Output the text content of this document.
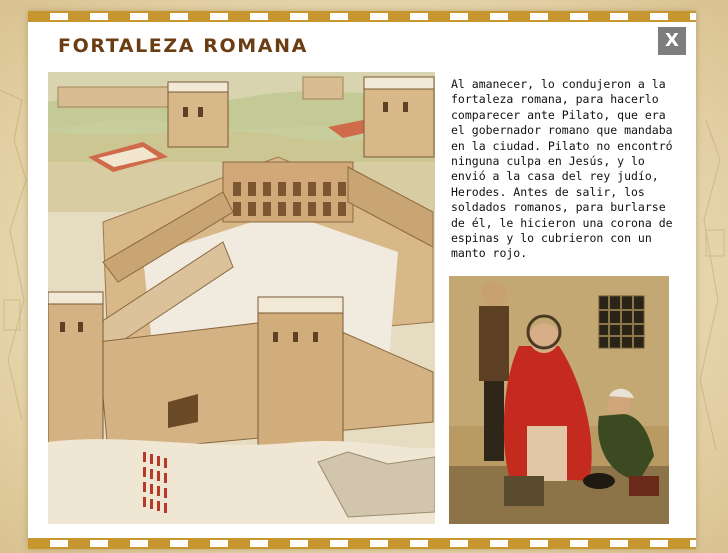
FORTALEZA ROMANA	X
Al amanecer, lo condujeron a la fortaleza romana, para hacerlo comparecer ante Pilato, que era el gobernador romano que mandaba en la ciudad. Pilato no encontró ninguna culpa en Jesús, y lo envió a la casa del rey judío, Herodes. Antes de salir, los soldados romanos, para burlarse de él, le hicieron una corona de espinas y lo cubrieron con un manto rojo.
